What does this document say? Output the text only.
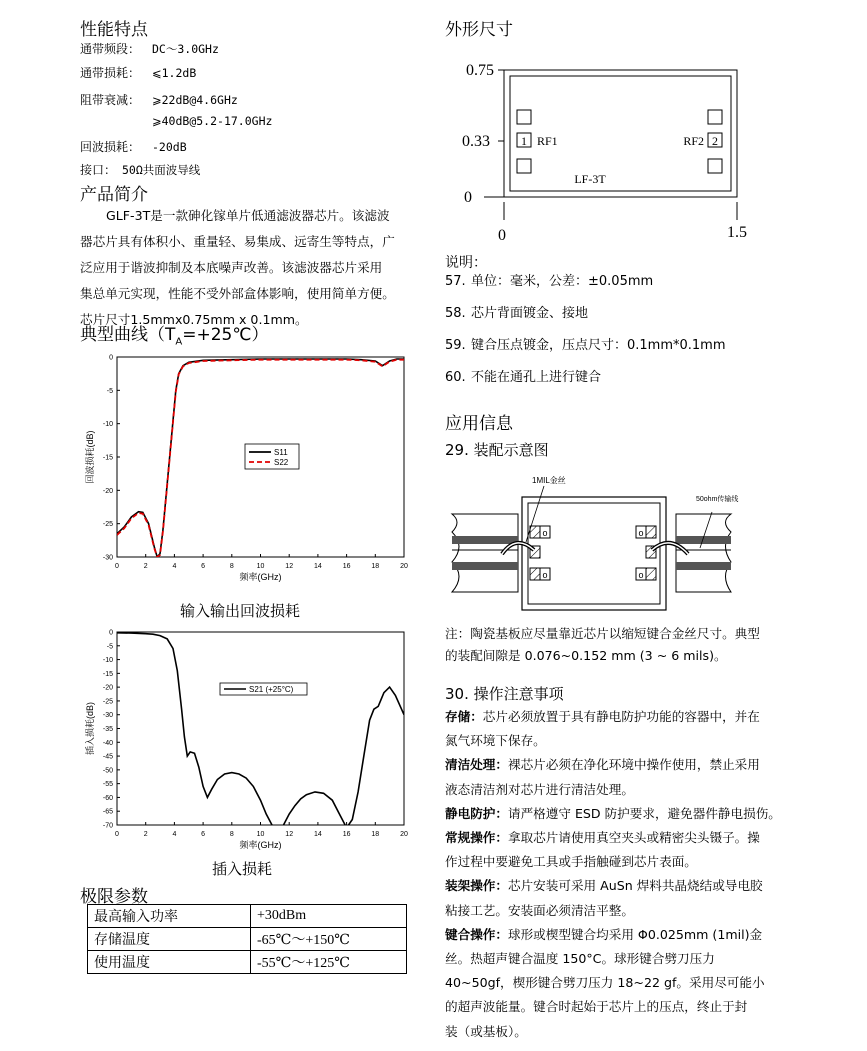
性能特点
通带频段： DC～3.0GHz
通带损耗： ⩽1.2dB
阻带衰减： ⩾22dB@4.6GHz
⩾40dB@5.2-17.0GHz
回波损耗： -20dB
接口： 50Ω共面波导线
产品简介
GLF-3T是一款砷化镓单片低通滤波器芯片。该滤波
器芯片具有体积小、重量轻、易集成、远寄生等特点，广
泛应用于谐波抑制及本底噪声改善。该滤波器芯片采用
集总单元实现，性能不受外部盒体影响，使用简单方便。
芯片尺寸1.5mmx0.75mm x 0.1mm。
典型曲线$(T_A=+25℃)$
0	2	4	6	8	10	12	14	16	18	20
0
-5
-10
-15
-20
-25
-30
频率(GHz)
回波损耗(dB)	S11
S22
输入输出回波损耗
0	2	4	6	8	10	12	14	16	18	20
0
-5
-10
-15
-20
-25
-30
-35
-40
-45
-50
-55
-60
-65
-70
频率(GHz)
插入损耗(dB)
S21 (+25°C)
插入损耗
极限参数
最高输入功率	+30dBm
存储温度	-65℃～+150℃
使用温度	-55℃～+125℃
外形尺寸
0.75
0.33
0
0	1.5
1 RF1	2
RF2
LF-3T
说明：
57. 单位：毫米，公差：±0.05mm
58. 芯片背面镀金、接地
59. 键合压点镀金，压点尺寸：0.1mm*0.1mm
60. 不能在通孔上进行键合
应用信息
29. 装配示意图
o
o
o
o
1MIL金丝
50ohm传输线
注：陶瓷基板应尽量靠近芯片以缩短键合金丝尺寸。典型
的装配间隙是 0.076~0.152 mm (3 ~ 6 mils)。
30. 操作注意事项
存储：芯片必须放置于具有静电防护功能的容器中，并在
氮气环境下保存。
清洁处理：裸芯片必须在净化环境中操作使用，禁止采用
液态清洁剂对芯片进行清洁处理。
静电防护：请严格遵守 ESD 防护要求，避免器件静电损伤。
常规操作：拿取芯片请使用真空夹头或精密尖头镊子。操
作过程中要避免工具或手指触碰到芯片表面。
装架操作：芯片安装可采用 AuSn 焊料共晶烧结或导电胶
粘接工艺。安装面必须清洁平整。
键合操作：球形或楔型键合均采用 Φ0.025mm (1mil)金
丝。热超声键合温度 150°C。球形键合劈刀压力
40~50gf，楔形键合劈刀压力 18~22 gf。采用尽可能小
的超声波能量。键合时起始于芯片上的压点，终止于封
装（或基板）。
